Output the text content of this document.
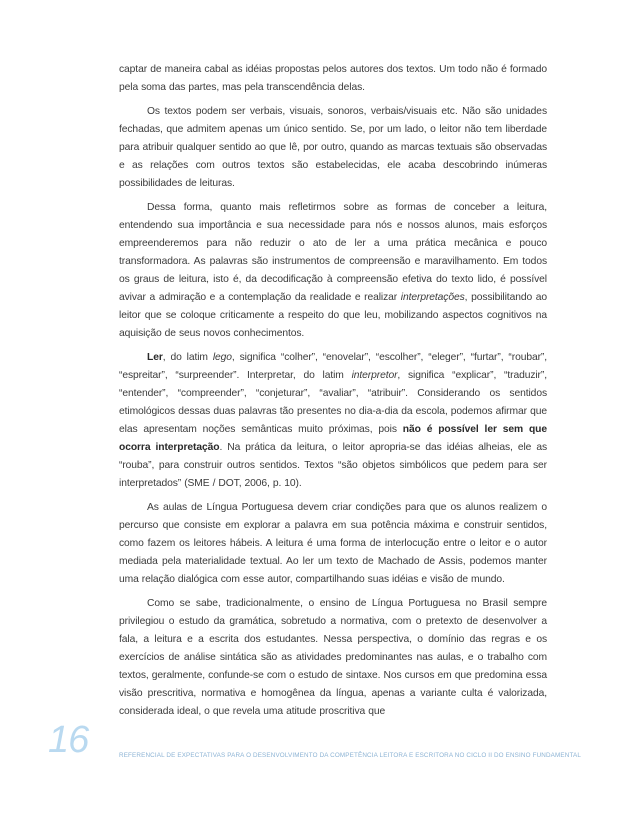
captar de maneira cabal as idéias propostas pelos autores dos textos. Um todo não é formado pela soma das partes, mas pela transcendência delas.

Os textos podem ser verbais, visuais, sonoros, verbais/visuais etc. Não são unidades fechadas, que admitem apenas um único sentido. Se, por um lado, o leitor não tem liberdade para atribuir qualquer sentido ao que lê, por outro, quando as marcas textuais são observadas e as relações com outros textos são estabelecidas, ele acaba descobrindo inúmeras possibilidades de leituras.

Dessa forma, quanto mais refletirmos sobre as formas de conceber a leitura, entendendo sua importância e sua necessidade para nós e nossos alunos, mais esforços empreenderemos para não reduzir o ato de ler a uma prática mecânica e pouco transformadora. As palavras são instrumentos de compreensão e maravilhamento. Em todos os graus de leitura, isto é, da decodificação à compreensão efetiva do texto lido, é possível avivar a admiração e a contemplação da realidade e realizar interpretações, possibilitando ao leitor que se coloque criticamente a respeito do que leu, mobilizando aspectos cognitivos na aquisição de seus novos conhecimentos.

Ler, do latim lego, significa “colher”, “enovelar”, “escolher”, “eleger”, “furtar”, “roubar”, “espreitar”, “surpreender”. Interpretar, do latim interpretor, significa “explicar”, “traduzir”, “entender”, “compreender”, “conjeturar”, “avaliar”, “atribuir”. Considerando os sentidos etimológicos dessas duas palavras tão presentes no dia-a-dia da escola, podemos afirmar que elas apresentam noções semânticas muito próximas, pois não é possível ler sem que ocorra interpretação. Na prática da leitura, o leitor apropria-se das idéias alheias, ele as “rouba”, para construir outros sentidos. Textos “são objetos simbólicos que pedem para ser interpretados” (SME / DOT, 2006, p. 10).

As aulas de Língua Portuguesa devem criar condições para que os alunos realizem o percurso que consiste em explorar a palavra em sua potência máxima e construir sentidos, como fazem os leitores hábeis. A leitura é uma forma de interlocução entre o leitor e o autor mediada pela materialidade textual. Ao ler um texto de Machado de Assis, podemos manter uma relação dialógica com esse autor, compartilhando suas idéias e visão de mundo.

Como se sabe, tradicionalmente, o ensino de Língua Portuguesa no Brasil sempre privilegiou o estudo da gramática, sobretudo a normativa, com o pretexto de desenvolver a fala, a leitura e a escrita dos estudantes. Nessa perspectiva, o domínio das regras e os exercícios de análise sintática são as atividades predominantes nas aulas, e o trabalho com textos, geralmente, confunde-se com o estudo de sintaxe. Nos cursos em que predomina essa visão prescritiva, normativa e homogênea da língua, apenas a variante culta é valorizada, considerada ideal, o que revela uma atitude proscritiva que

16	REFERENCIAL DE EXPECTATIVAS PARA O DESENVOLVIMENTO DA COMPETÊNCIA LEITORA E ESCRITORA NO CICLO II DO ENSINO FUNDAMENTAL
